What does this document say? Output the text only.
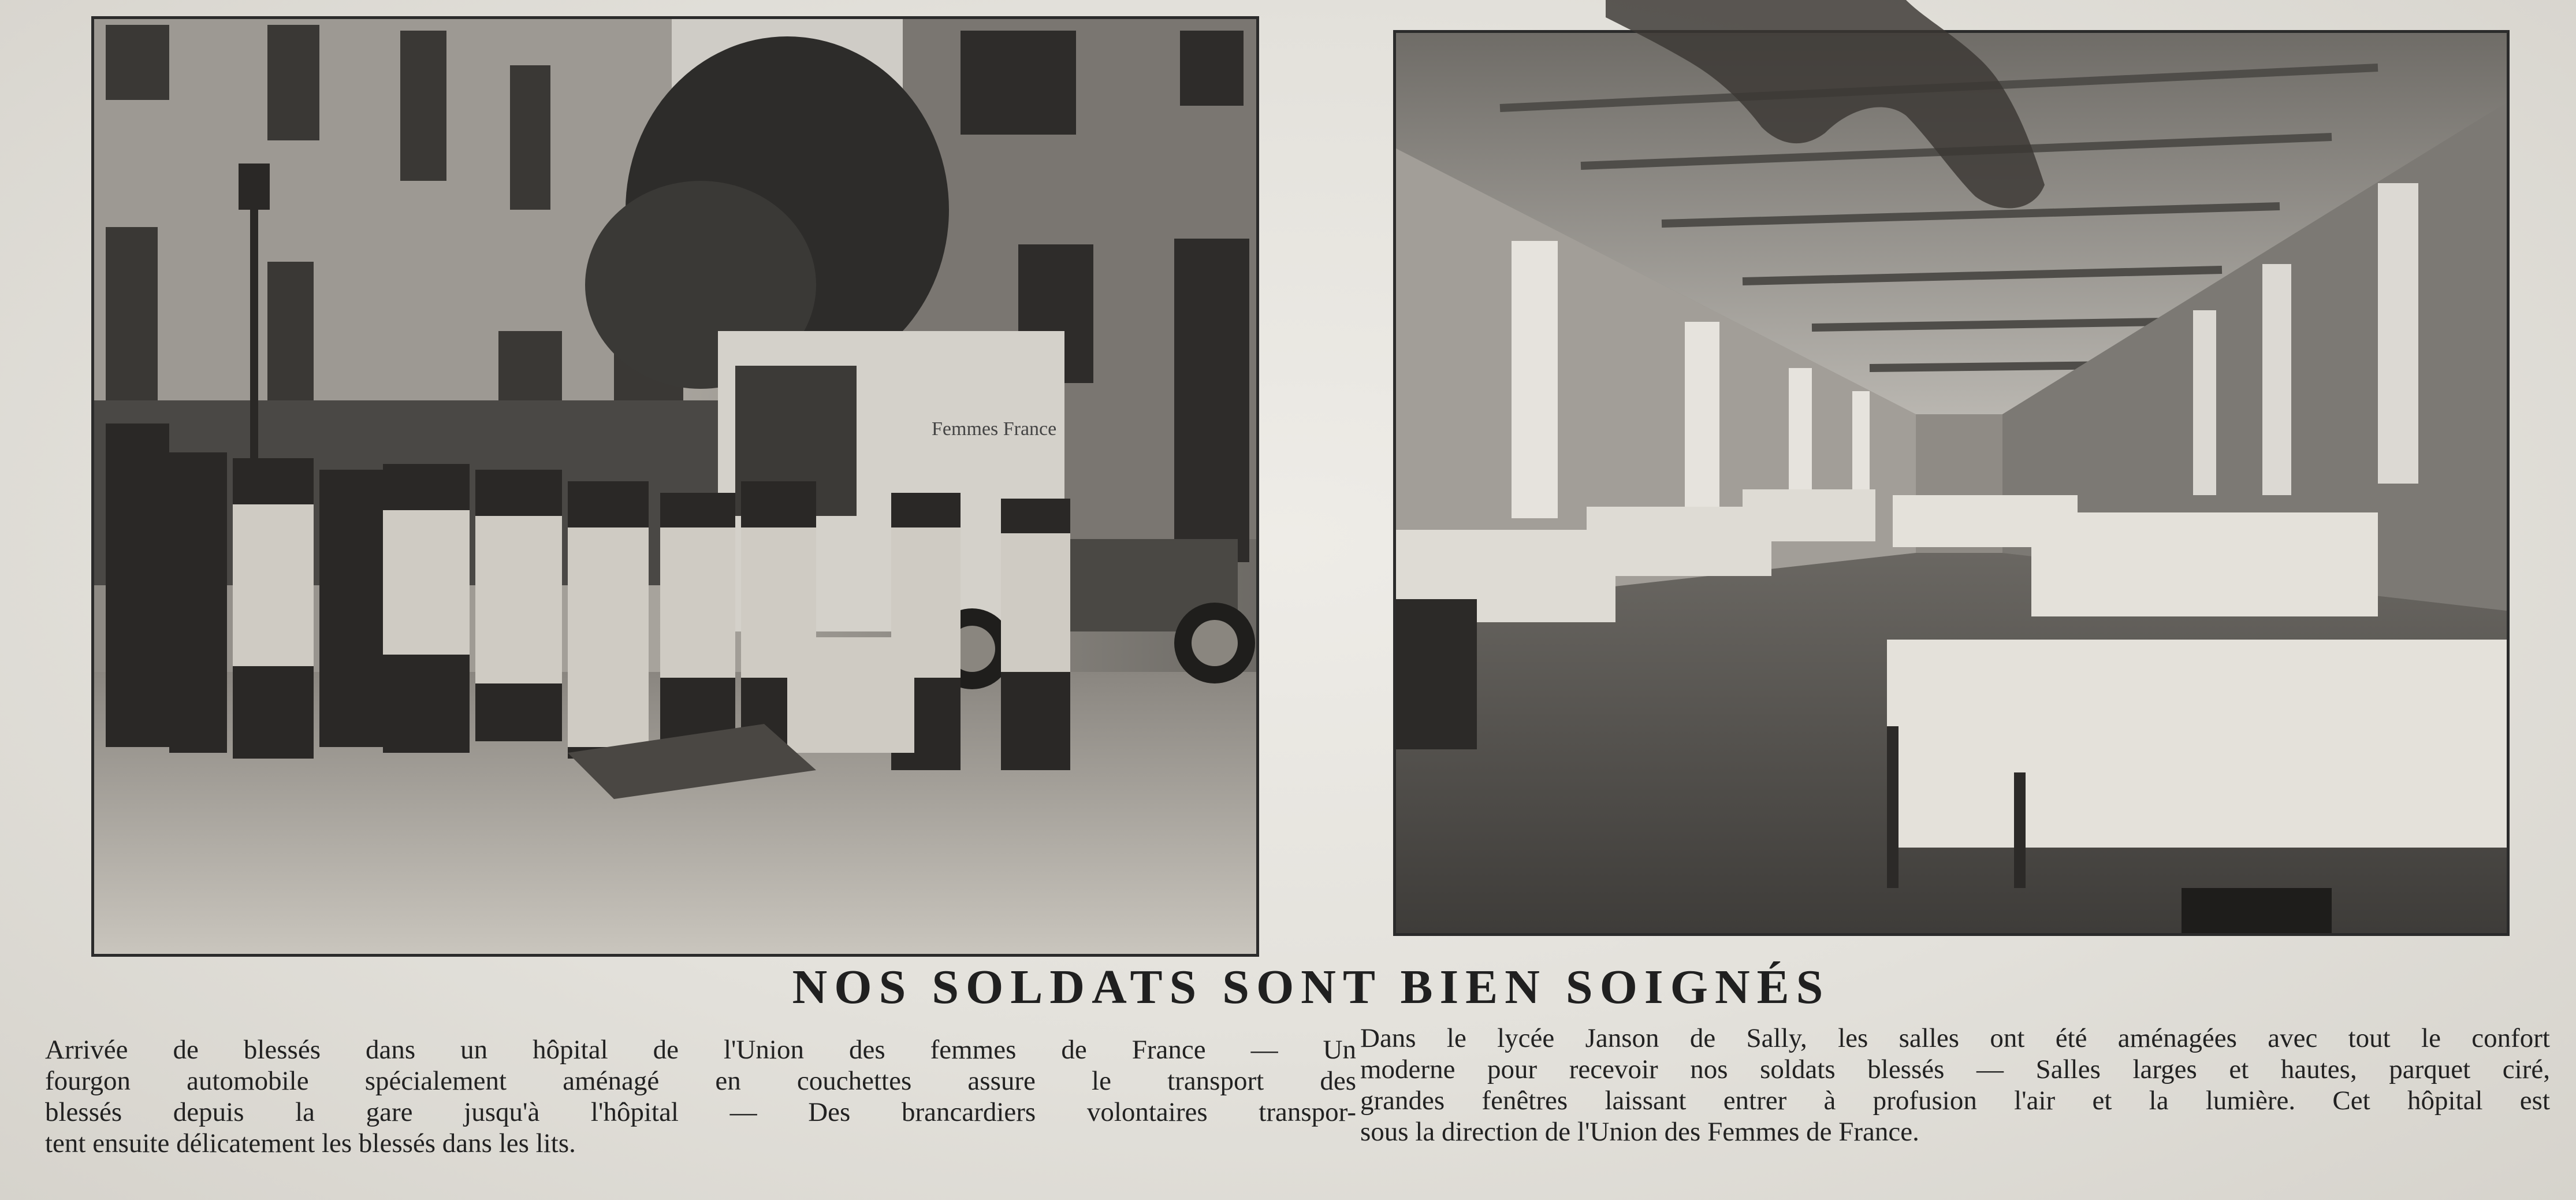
Femmes France
NOS SOLDATS SONT BIEN SOIGNÉS
Arrivée de blessés dans un hôpital de l'Union des femmes de France — Un
fourgon automobile spécialement aménagé en couchettes assure le transport des
blessés depuis la gare jusqu'à l'hôpital — Des brancardiers volontaires transpor-
tent ensuite délicatement les blessés dans les lits.
Dans le lycée Janson de Sally, les salles ont été aménagées avec tout le confort
moderne pour recevoir nos soldats blessés — Salles larges et hautes, parquet ciré,
grandes fenêtres laissant entrer à profusion l'air et la lumière. Cet hôpital est
sous la direction de l'Union des Femmes de France.
